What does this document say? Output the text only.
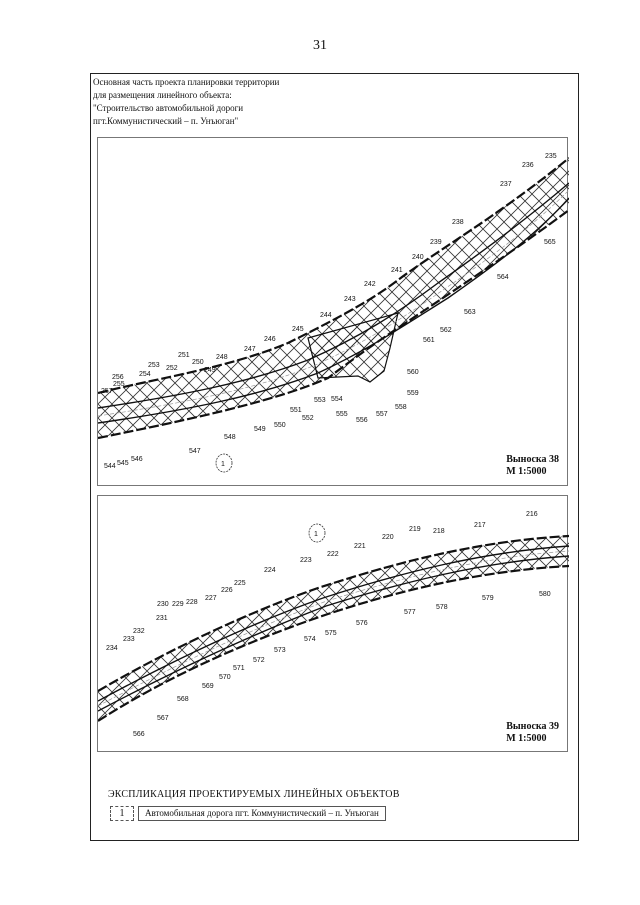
31
Основная часть проекта планировки территории
для размещения линейного объекта:
"Строительство автомобильной дороги
пгт.Коммунистический – п. Унъюган"
1
235
236
237
238
239
240
241
242
243
244
245
246
247
248
249
250
251
252
253
254
255
256
257
544 545
546
547
548
549
550
551
552
553 554
555
556
557
558
559
560
561
562
563
564
565
Выноска 38
М 1:5000
1
216
217
218
219
220
221
222
223
224
225
226
227
228
229
230
231
232
233
234
566
567
568
569
570
571
572
573
574
575
576
577
578
579
580
Выноска 39
М 1:5000
ЭКСПЛИКАЦИЯ ПРОЕКТИРУЕМЫХ ЛИНЕЙНЫХ ОБЪЕКТОВ
1	Автомобильная дорога пгт. Коммунистический – п. Унъюган
